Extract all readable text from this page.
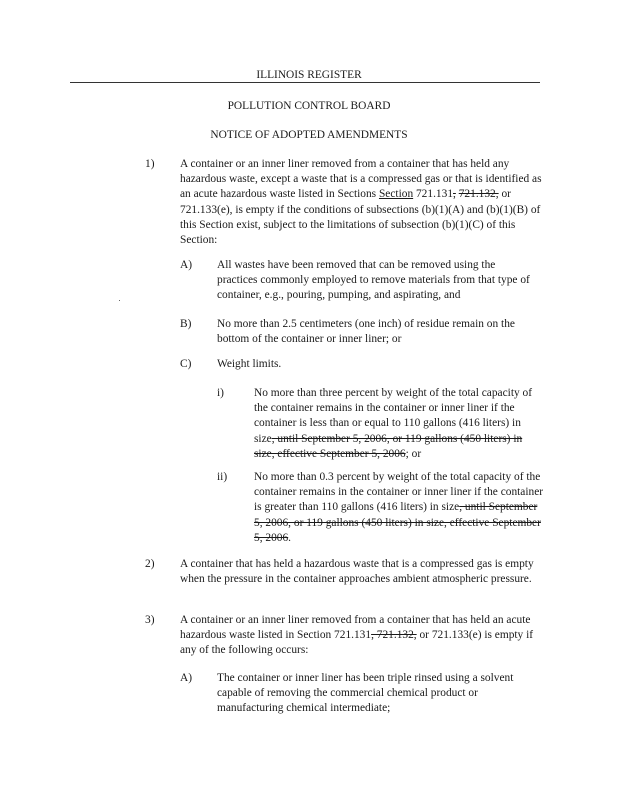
ILLINOIS REGISTER
POLLUTION CONTROL BOARD
NOTICE OF ADOPTED AMENDMENTS
1) A container or an inner liner removed from a container that has held any hazardous waste, except a waste that is a compressed gas or that is identified as an acute hazardous waste listed in Sections Section 721.131, 721.132, or 721.133(e), is empty if the conditions of subsections (b)(1)(A) and (b)(1)(B) of this Section exist, subject to the limitations of subsection (b)(1)(C) of this Section:
A) All wastes have been removed that can be removed using the practices commonly employed to remove materials from that type of container, e.g., pouring, pumping, and aspirating, and
B) No more than 2.5 centimeters (one inch) of residue remain on the bottom of the container or inner liner; or
C) Weight limits.
i)	No more than three percent by weight of the total capacity of the container remains in the container or inner liner if the container is less than or equal to 110 gallons (416 liters) in size, until September 5, 2006, or 119 gallons (450 liters) in size, effective September 5, 2006; or
ii) No more than 0.3 percent by weight of the total capacity of the container remains in the container or inner liner if the container is greater than 110 gallons (416 liters) in size, until September 5, 2006, or 119 gallons (450 liters) in size, effective September 5, 2006.
2) A container that has held a hazardous waste that is a compressed gas is empty when the pressure in the container approaches ambient atmospheric pressure.
3) A container or an inner liner removed from a container that has held an acute hazardous waste listed in Section 721.131, 721.132, or 721.133(e) is empty if any of the following occurs:
A) The container or inner liner has been triple rinsed using a solvent capable of removing the commercial chemical product or manufacturing chemical intermediate;
